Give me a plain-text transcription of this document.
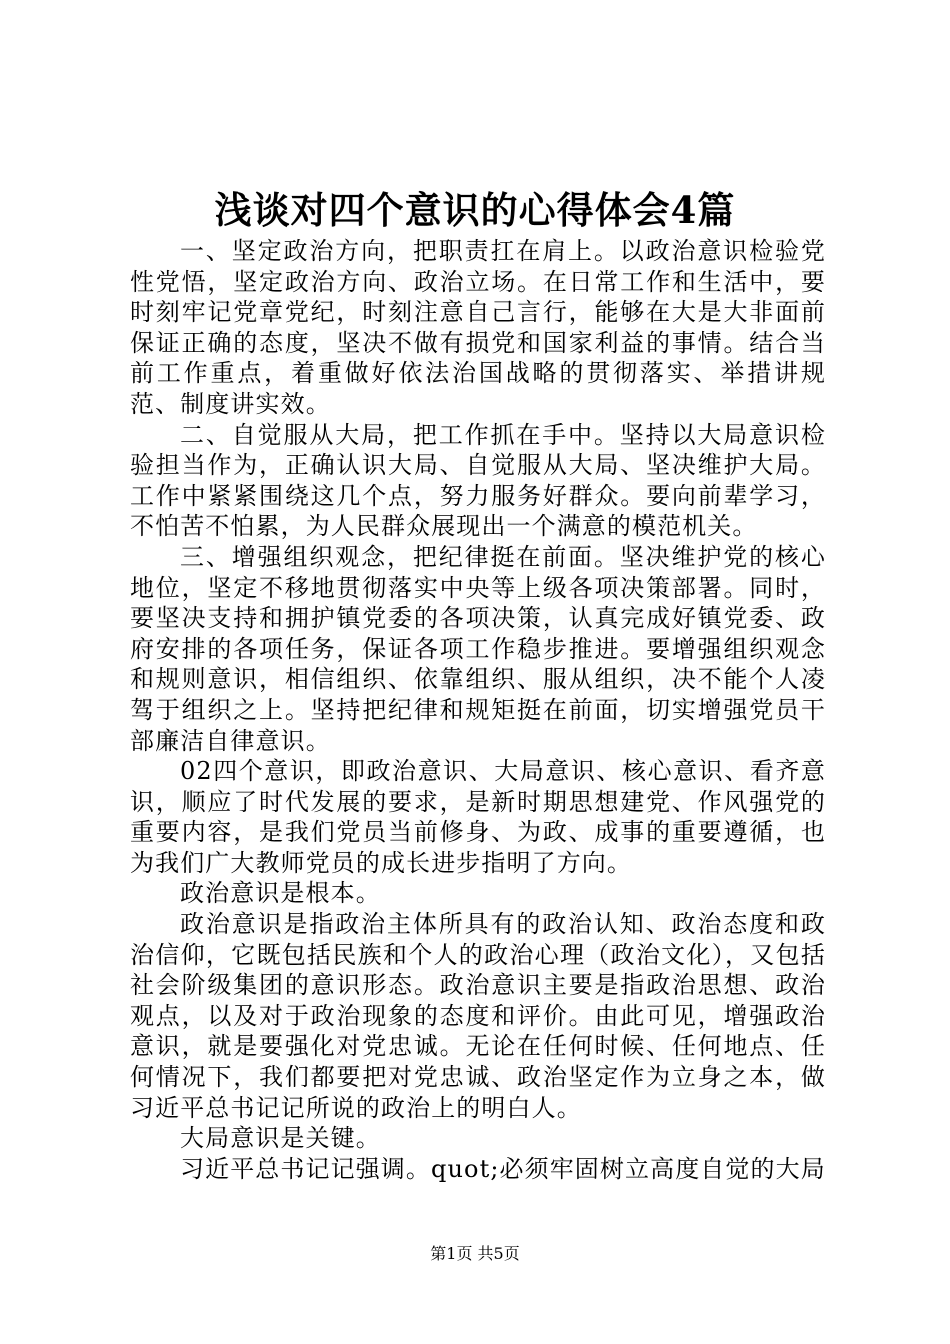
浅谈对四个意识的心得体会4篇

一、坚定政治方向，把职责扛在肩上。以政治意识检验党性党悟，坚定政治方向、政治立场。在日常工作和生活中，要时刻牢记党章党纪，时刻注意自己言行，能够在大是大非面前保证正确的态度，坚决不做有损党和国家利益的事情。结合当前工作重点，着重做好依法治国战略的贯彻落实、举措讲规范、制度讲实效。

二、自觉服从大局，把工作抓在手中。坚持以大局意识检验担当作为，正确认识大局、自觉服从大局、坚决维护大局。工作中紧紧围绕这几个点，努力服务好群众。要向前辈学习，不怕苦不怕累，为人民群众展现出一个满意的模范机关。

三、增强组织观念，把纪律挺在前面。坚决维护党的核心地位，坚定不移地贯彻落实中央等上级各项决策部署。同时，要坚决支持和拥护镇党委的各项决策，认真完成好镇党委、政府安排的各项任务，保证各项工作稳步推进。要增强组织观念和规则意识，相信组织、依靠组织、服从组织，决不能个人凌驾于组织之上。坚持把纪律和规矩挺在前面，切实增强党员干部廉洁自律意识。

02四个意识，即政治意识、大局意识、核心意识、看齐意识，顺应了时代发展的要求，是新时期思想建党、作风强党的重要内容，是我们党员当前修身、为政、成事的重要遵循，也为我们广大教师党员的成长进步指明了方向。

政治意识是根本。

政治意识是指政治主体所具有的政治认知、政治态度和政治信仰，它既包括民族和个人的政治心理（政治文化），又包括社会阶级集团的意识形态。政治意识主要是指政治思想、政治观点，以及对于政治现象的态度和评价。由此可见，增强政治意识，就是要强化对党忠诚。无论在任何时候、任何地点、任何情况下，我们都要把对党忠诚、政治坚定作为立身之本，做习近平总书记记所说的政治上的明白人。

大局意识是关键。

习近平总书记记强调。quot;必须牢固树立高度自觉的大局

第1页 共5页
